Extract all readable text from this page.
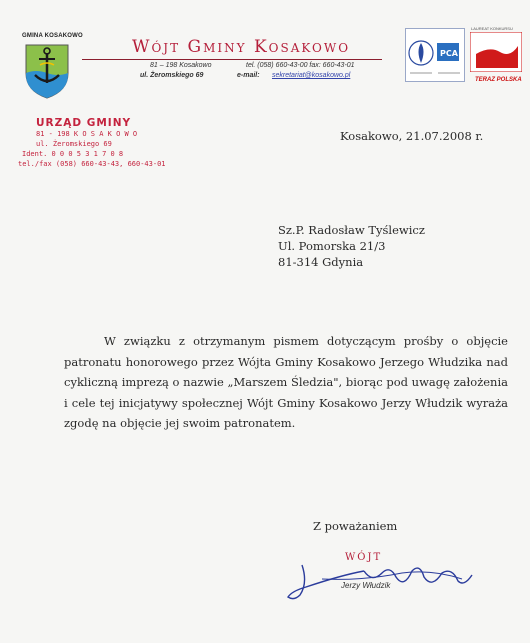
GMINA KOSAKOWO
Wójt Gminy Kosakowo
81 – 198 Kosakowo	tel. (058) 660-43-00 fax: 660-43-01
ul. Żeromskiego 69	e-mail: sekretariat@kosakowo.pl
PCA
LAUREAT KONKURSU
TERAZ POLSKA
URZĄD GMINY
81 - 198 K O S A K O W O
ul. Żeromskiego 69
Ident. 0 0 0 5 3 1 7 0 8
tel./fax (058) 660-43-43, 660-43-01
Kosakowo, 21.07.2008 r.
Sz.P. Radosław Tyślewicz
Ul. Pomorska 21/3
81-314 Gdynia

W związku z otrzymanym pismem dotyczącym prośby o objęcie patronatu honorowego przez Wójta Gminy Kosakowo Jerzego Włudzika nad cykliczną imprezą o nazwie „Marszem Śledzia", biorąc pod uwagę założenia i cele tej inicjatywy społecznej Wójt Gminy Kosakowo Jerzy Włudzik wyraża zgodę na objęcie jej swoim patronatem.

Z poważaniem
WÓJT
Jerzy Włudzik
